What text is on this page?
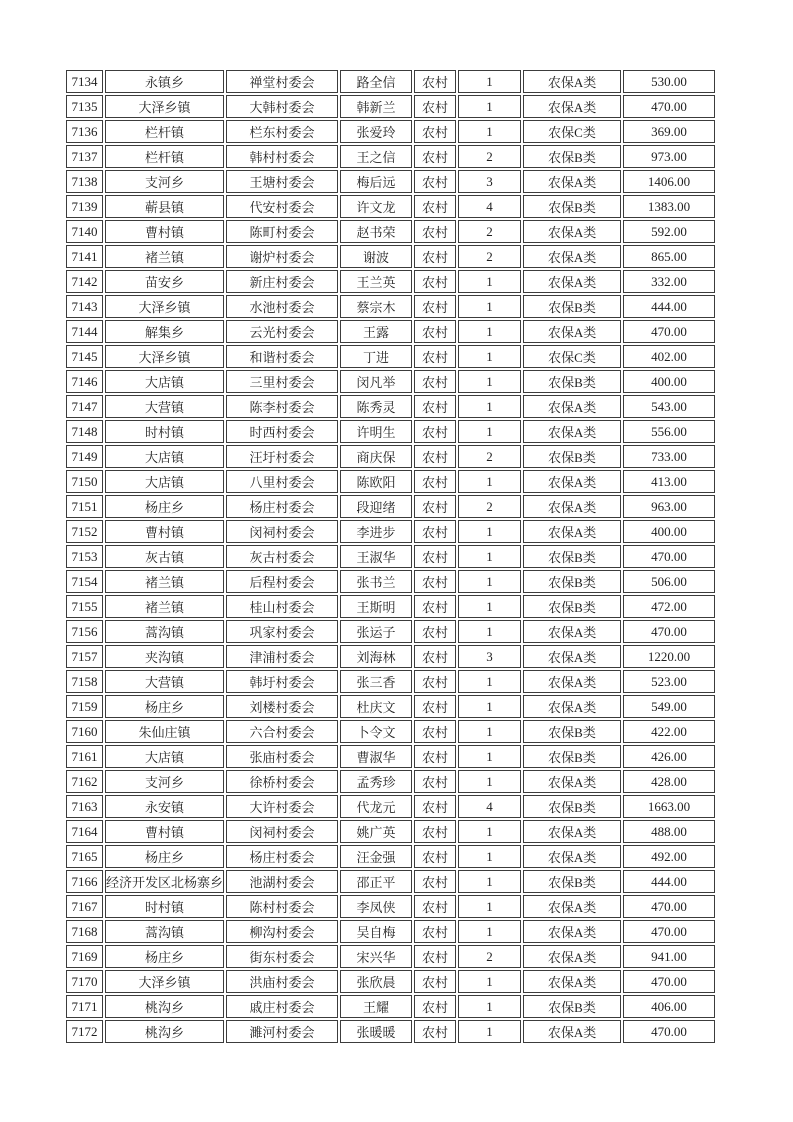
7134	永镇乡	禅堂村委会	路全信	农村	1	农保A类	530.00

7135	大泽乡镇	大韩村委会	韩新兰	农村	1	农保A类	470.00

7136	栏杆镇	栏东村委会	张爱玲	农村	1	农保C类	369.00

7137	栏杆镇	韩村村委会	王之信	农村	2	农保B类	973.00

7138	支河乡	王塘村委会	梅后远	农村	3	农保A类	1406.00

7139	蕲县镇	代安村委会	许文龙	农村	4	农保B类	1383.00

7140	曹村镇	陈町村委会	赵书荣	农村	2	农保A类	592.00

7141	褚兰镇	谢炉村委会	谢波	农村	2	农保A类	865.00

7142	苗安乡	新庄村委会	王兰英	农村	1	农保A类	332.00

7143	大泽乡镇	水池村委会	蔡宗木	农村	1	农保B类	444.00

7144	解集乡	云光村委会	王露	农村	1	农保A类	470.00

7145	大泽乡镇	和谐村委会	丁进	农村	1	农保C类	402.00

7146	大店镇	三里村委会	闵凡举	农村	1	农保B类	400.00

7147	大营镇	陈李村委会	陈秀灵	农村	1	农保A类	543.00

7148	时村镇	时西村委会	许明生	农村	1	农保A类	556.00

7149	大店镇	汪圩村委会	商庆保	农村	2	农保B类	733.00

7150	大店镇	八里村委会	陈欧阳	农村	1	农保A类	413.00

7151	杨庄乡	杨庄村委会	段迎绪	农村	2	农保A类	963.00

7152	曹村镇	闵祠村委会	李进步	农村	1	农保A类	400.00

7153	灰古镇	灰古村委会	王淑华	农村	1	农保B类	470.00

7154	褚兰镇	后程村委会	张书兰	农村	1	农保B类	506.00

7155	褚兰镇	桂山村委会	王斯明	农村	1	农保B类	472.00

7156	蒿沟镇	巩家村委会	张运子	农村	1	农保A类	470.00

7157	夹沟镇	津浦村委会	刘海林	农村	3	农保A类	1220.00

7158	大营镇	韩圩村委会	张三香	农村	1	农保A类	523.00

7159	杨庄乡	刘楼村委会	杜庆文	农村	1	农保A类	549.00

7160	朱仙庄镇	六合村委会	卜令文	农村	1	农保B类	422.00

7161	大店镇	张庙村委会	曹淑华	农村	1	农保B类	426.00

7162	支河乡	徐桥村委会	孟秀珍	农村	1	农保A类	428.00

7163	永安镇	大许村委会	代龙元	农村	4	农保B类	1663.00

7164	曹村镇	闵祠村委会	姚广英	农村	1	农保A类	488.00

7165	杨庄乡	杨庄村委会	汪金强	农村	1	农保A类	492.00

7166	经济开发区北杨寨乡	池湖村委会	邵正平	农村	1	农保B类	444.00

7167	时村镇	陈村村委会	李凤侠	农村	1	农保A类	470.00

7168	蒿沟镇	柳沟村委会	吴自梅	农村	1	农保A类	470.00

7169	杨庄乡	街东村委会	宋兴华	农村	2	农保A类	941.00

7170	大泽乡镇	洪庙村委会	张欣晨	农村	1	农保A类	470.00

7171	桃沟乡	戚庄村委会	王耀	农村	1	农保B类	406.00

7172	桃沟乡	濉河村委会	张暖暖	农村	1	农保A类	470.00
